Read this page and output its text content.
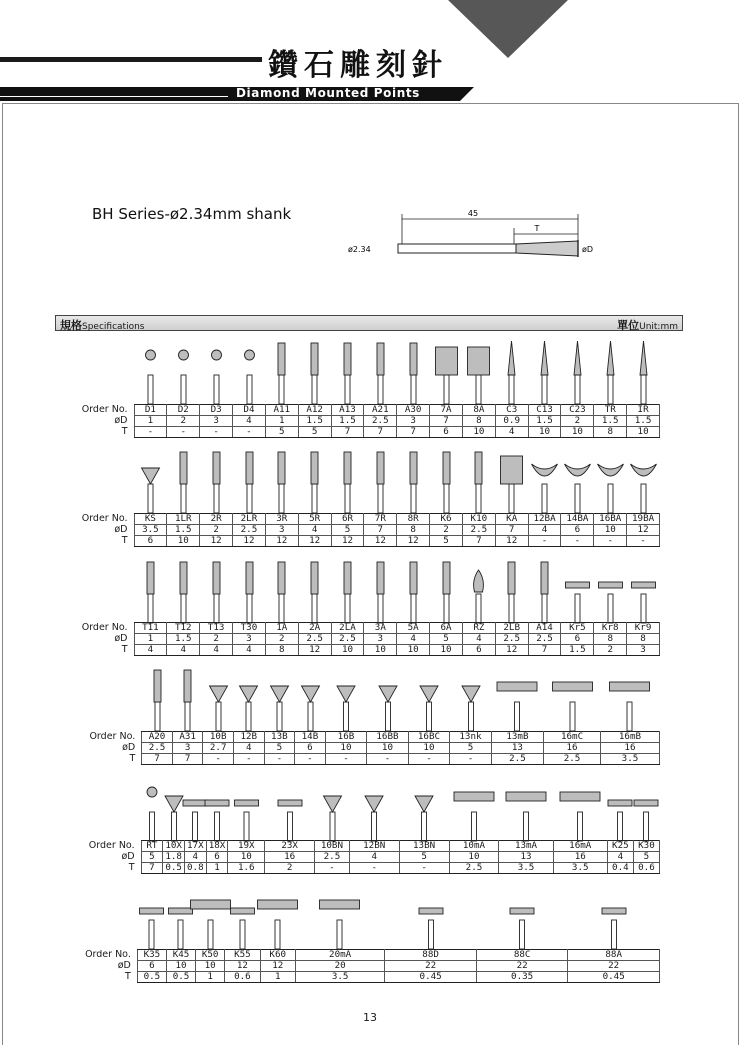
鑽石雕刻針
Diamond Mounted Points
BH Series-ø2.34mm shank	45
T
ø2.34	øD
規格Specifications	單位Unit:mm
Order No.	D1	D2	D3	D4	A11	A12	A13	A21	A30	7A	8A	C3	C13	C23	TR	IR
øD	1	2	3	4	1	1.5	1.5	2.5	3	7	8	0.9	1.5	2	1.5	1.5
T	-	-	-	-	5	5	7	7	7	6	10	4	10	10	8	10
Order No.	KS	1LR	2R	2LR	3R	5R	6R	7R	8R	K6	K10	KA	12BA	14BA	16BA	19BA
øD	3.5	1.5	2	2.5	3	4	5	7	8	2	2.5	7	4	6	10	12
T	6	10	12	12	12	12	12	12	12	5	7	12	-	-	-	-
Order No.	T11	T12	T13	T30	1A	2A	2LA	3A	5A	6A	RZ	2LB	A14	Kr5	Kr8	Kr9
øD	1	1.5	2	3	2	2.5	2.5	3	4	5	4	2.5	2.5	6	8	8
T	4	4	4	4	8	12	10	10	10	10	6	12	7	1.5	2	3
Order No.	A20	A31	10B	12B	13B	14B	16B	16BB	16BC	13nk	13mB	16mC	16mB
øD	2.5	3	2.7	4	5	6	10	10	10	5	13	16	16
T	7	7	-	-	-	-	-	-	-	-	2.5	2.5	3.5
Order No.	RT	10X	17X	18X	19X	23X	10BN	12BN	13BN	10mA	13mA	16mA	K25	K30
øD	5	1.8	4	6	10	16	2.5	4	5	10	13	16	4	5
T	7	0.5	0.8	1	1.6	2	-	-	-	2.5	3.5	3.5	0.4	0.6
Order No.	K35	K45	K50	K55	K60	20mA	88D	88C	88A
øD	6	10	10	12	12	20	22	22	22
T	0.5	0.5	1	0.6	1	3.5	0.45	0.35	0.45
13
